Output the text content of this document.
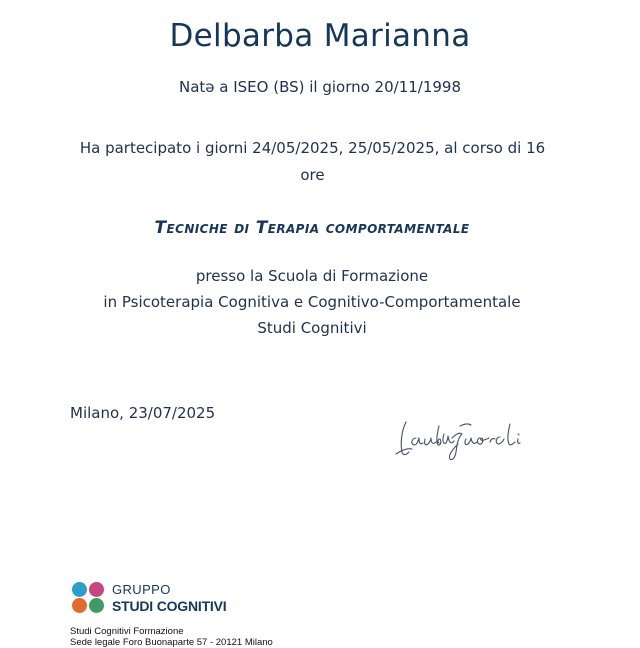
Delbarba Marianna
Natə a ISEO (BS) il giorno 20/11/1998
Ha partecipato i giorni 24/05/2025, 25/05/2025, al corso di 16 ore
Tecniche di Terapia comportamentale
presso la Scuola di Formazione
in Psicoterapia Cognitiva e Cognitivo-Comportamentale
Studi Cognitivi
Milano, 23/07/2025
GRUPPO
STUDI COGNITIVI
Studi Cognitivi Formazione
Sede legale Foro Buonaparte 57 - 20121 Milano
